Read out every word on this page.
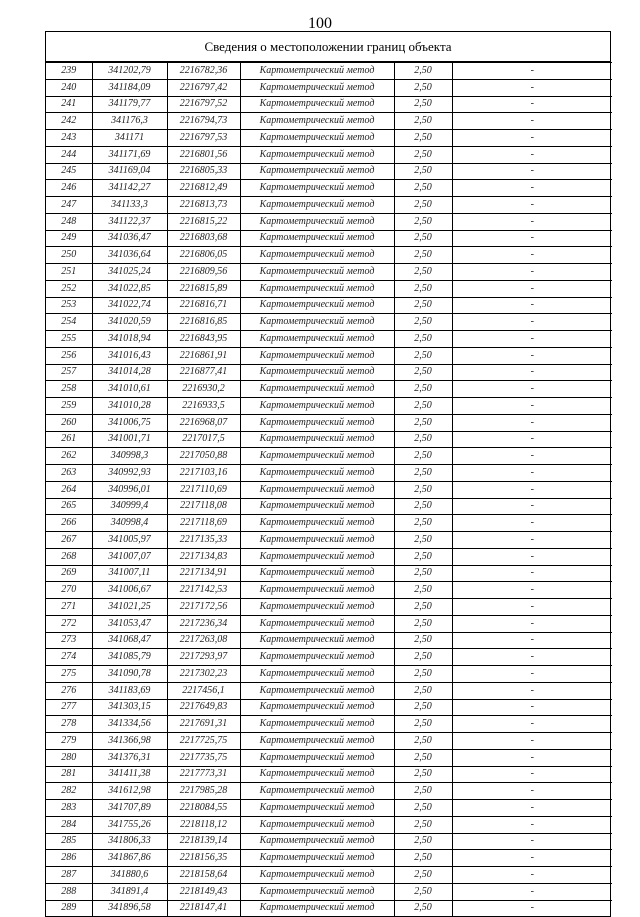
100
Сведения о местоположении границ объекта
239	341202,79	2216782,36	Картометрический метод	2,50	-
240	341184,09	2216797,42	Картометрический метод	2,50	-
241	341179,77	2216797,52	Картометрический метод	2,50	-
242	341176,3	2216794,73	Картометрический метод	2,50	-
243	341171	2216797,53	Картометрический метод	2,50	-
244	341171,69	2216801,56	Картометрический метод	2,50	-
245	341169,04	2216805,33	Картометрический метод	2,50	-
246	341142,27	2216812,49	Картометрический метод	2,50	-
247	341133,3	2216813,73	Картометрический метод	2,50	-
248	341122,37	2216815,22	Картометрический метод	2,50	-
249	341036,47	2216803,68	Картометрический метод	2,50	-
250	341036,64	2216806,05	Картометрический метод	2,50	-
251	341025,24	2216809,56	Картометрический метод	2,50	-
252	341022,85	2216815,89	Картометрический метод	2,50	-
253	341022,74	2216816,71	Картометрический метод	2,50	-
254	341020,59	2216816,85	Картометрический метод	2,50	-
255	341018,94	2216843,95	Картометрический метод	2,50	-
256	341016,43	2216861,91	Картометрический метод	2,50	-
257	341014,28	2216877,41	Картометрический метод	2,50	-
258	341010,61	2216930,2	Картометрический метод	2,50	-
259	341010,28	2216933,5	Картометрический метод	2,50	-
260	341006,75	2216968,07	Картометрический метод	2,50	-
261	341001,71	2217017,5	Картометрический метод	2,50	-
262	340998,3	2217050,88	Картометрический метод	2,50	-
263	340992,93	2217103,16	Картометрический метод	2,50	-
264	340996,01	2217110,69	Картометрический метод	2,50	-
265	340999,4	2217118,08	Картометрический метод	2,50	-
266	340998,4	2217118,69	Картометрический метод	2,50	-
267	341005,97	2217135,33	Картометрический метод	2,50	-
268	341007,07	2217134,83	Картометрический метод	2,50	-
269	341007,11	2217134,91	Картометрический метод	2,50	-
270	341006,67	2217142,53	Картометрический метод	2,50	-
271	341021,25	2217172,56	Картометрический метод	2,50	-
272	341053,47	2217236,34	Картометрический метод	2,50	-
273	341068,47	2217263,08	Картометрический метод	2,50	-
274	341085,79	2217293,97	Картометрический метод	2,50	-
275	341090,78	2217302,23	Картометрический метод	2,50	-
276	341183,69	2217456,1	Картометрический метод	2,50	-
277	341303,15	2217649,83	Картометрический метод	2,50	-
278	341334,56	2217691,31	Картометрический метод	2,50	-
279	341366,98	2217725,75	Картометрический метод	2,50	-
280	341376,31	2217735,75	Картометрический метод	2,50	-
281	341411,38	2217773,31	Картометрический метод	2,50	-
282	341612,98	2217985,28	Картометрический метод	2,50	-
283	341707,89	2218084,55	Картометрический метод	2,50	-
284	341755,26	2218118,12	Картометрический метод	2,50	-
285	341806,33	2218139,14	Картометрический метод	2,50	-
286	341867,86	2218156,35	Картометрический метод	2,50	-
287	341880,6	2218158,64	Картометрический метод	2,50	-
288	341891,4	2218149,43	Картометрический метод	2,50	-
289	341896,58	2218147,41	Картометрический метод	2,50	-
